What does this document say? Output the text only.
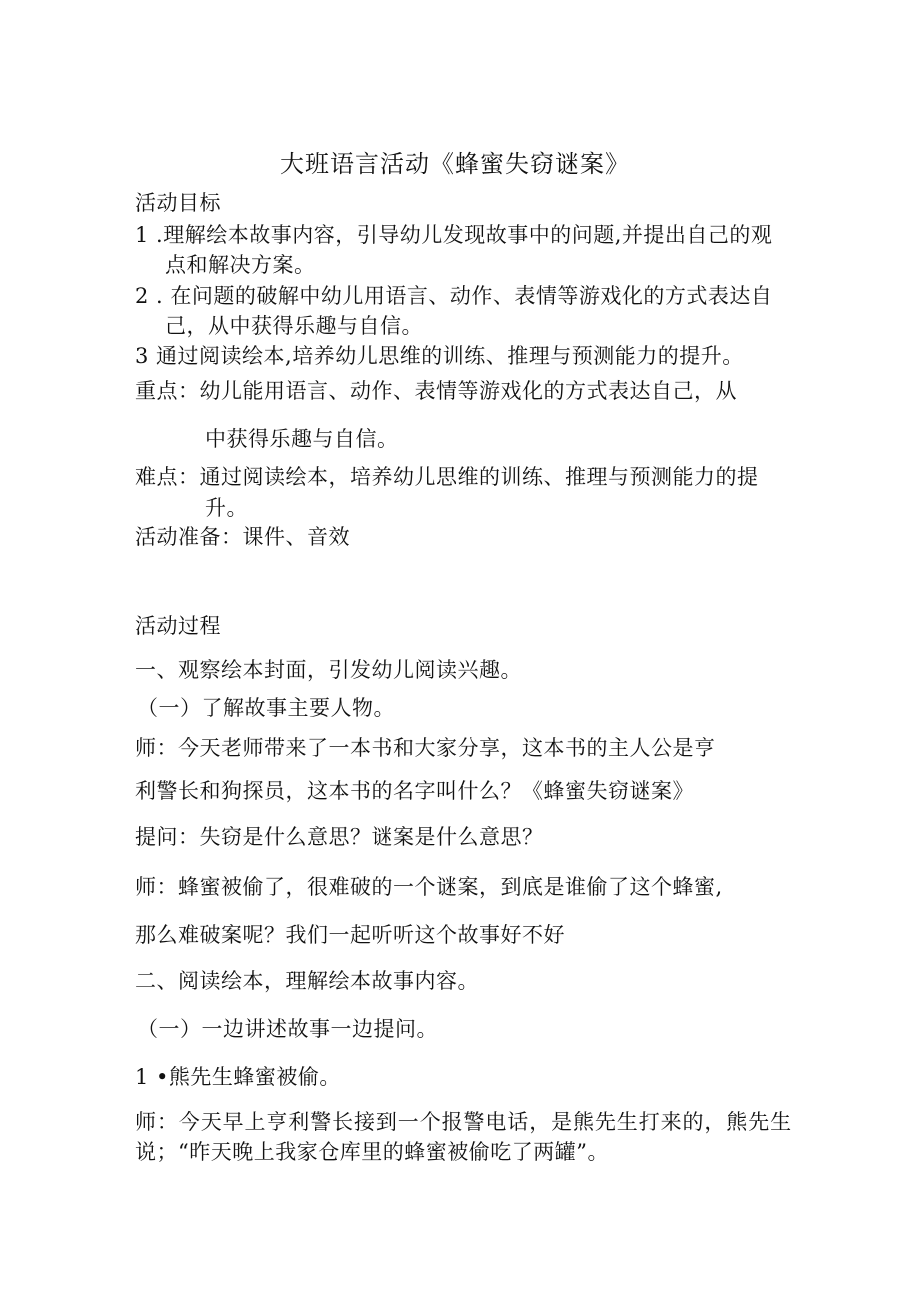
大班语言活动《蜂蜜失窃谜案》
活动目标
1 .理解绘本故事内容，引导幼儿发现故事中的问题,并提出自己的观
点和解决方案。
2 . 在问题的破解中幼儿用语言、动作、表情等游戏化的方式表达自
己，从中获得乐趣与自信。
3 通过阅读绘本,培养幼儿思维的训练、推理与预测能力的提升。
重点：幼儿能用语言、动作、表情等游戏化的方式表达自己，从
中获得乐趣与自信。
难点：通过阅读绘本，培养幼儿思维的训练、推理与预测能力的提
升。
活动准备：课件、音效
活动过程
一、观察绘本封面，引发幼儿阅读兴趣。
（一）了解故事主要人物。
师：今天老师带来了一本书和大家分享，这本书的主人公是亨
利警长和狗探员，这本书的名字叫什么？《蜂蜜失窃谜案》
提问：失窃是什么意思？谜案是什么意思？
师：蜂蜜被偷了，很难破的一个谜案，到底是谁偷了这个蜂蜜,
那么难破案呢？我们一起听听这个故事好不好
二、阅读绘本，理解绘本故事内容。
（一）一边讲述故事一边提问。
1 •熊先生蜂蜜被偷。
师：今天早上亨利警长接到一个报警电话，是熊先生打来的，熊先生
说；“昨天晚上我家仓库里的蜂蜜被偷吃了两罐”。
